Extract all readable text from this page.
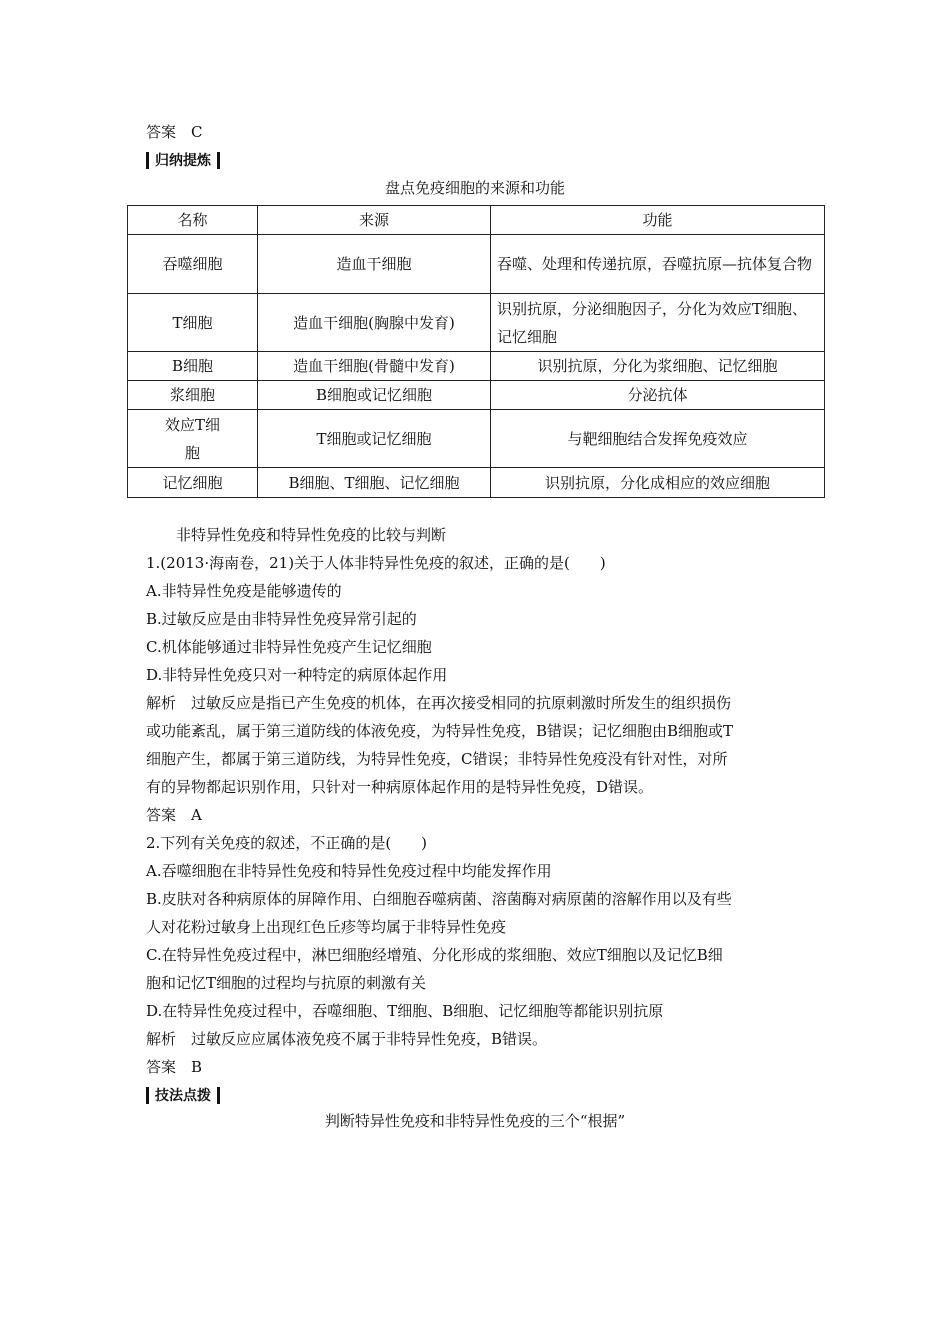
答案　C
归纳提炼
盘点免疫细胞的来源和功能
名称	来源	功能
吞噬细胞	造血干细胞	吞噬、处理和传递抗原，吞噬抗原—抗体复合物
T细胞	造血干细胞(胸腺中发育)	识别抗原，分泌细胞因子，分化为效应T细胞、记忆细胞
B细胞	造血干细胞(骨髓中发育)	识别抗原，分化为浆细胞、记忆细胞
浆细胞	B细胞或记忆细胞	分泌抗体
效应T细胞	T细胞或记忆细胞	与靶细胞结合发挥免疫效应
记忆细胞	B细胞、T细胞、记忆细胞	识别抗原，分化成相应的效应细胞
非特异性免疫和特异性免疫的比较与判断
1.(2013·海南卷，21)关于人体非特异性免疫的叙述，正确的是(　　)
A.非特异性免疫是能够遗传的
B.过敏反应是由非特异性免疫异常引起的
C.机体能够通过非特异性免疫产生记忆细胞
D.非特异性免疫只对一种特定的病原体起作用
解析　过敏反应是指已产生免疫的机体，在再次接受相同的抗原刺激时所发生的组织损伤
或功能紊乱，属于第三道防线的体液免疫，为特异性免疫，B错误；记忆细胞由B细胞或T
细胞产生，都属于第三道防线，为特异性免疫，C错误；非特异性免疫没有针对性，对所
有的异物都起识别作用，只针对一种病原体起作用的是特异性免疫，D错误。
答案　A
2.下列有关免疫的叙述，不正确的是(　　)
A.吞噬细胞在非特异性免疫和特异性免疫过程中均能发挥作用
B.皮肤对各种病原体的屏障作用、白细胞吞噬病菌、溶菌酶对病原菌的溶解作用以及有些
人对花粉过敏身上出现红色丘疹等均属于非特异性免疫
C.在特异性免疫过程中，淋巴细胞经增殖、分化形成的浆细胞、效应T细胞以及记忆B细
胞和记忆T细胞的过程均与抗原的刺激有关
D.在特异性免疫过程中，吞噬细胞、T细胞、B细胞、记忆细胞等都能识别抗原
解析　过敏反应应属体液免疫不属于非特异性免疫，B错误。
答案　B
技法点拨
判断特异性免疫和非特异性免疫的三个“根据”
